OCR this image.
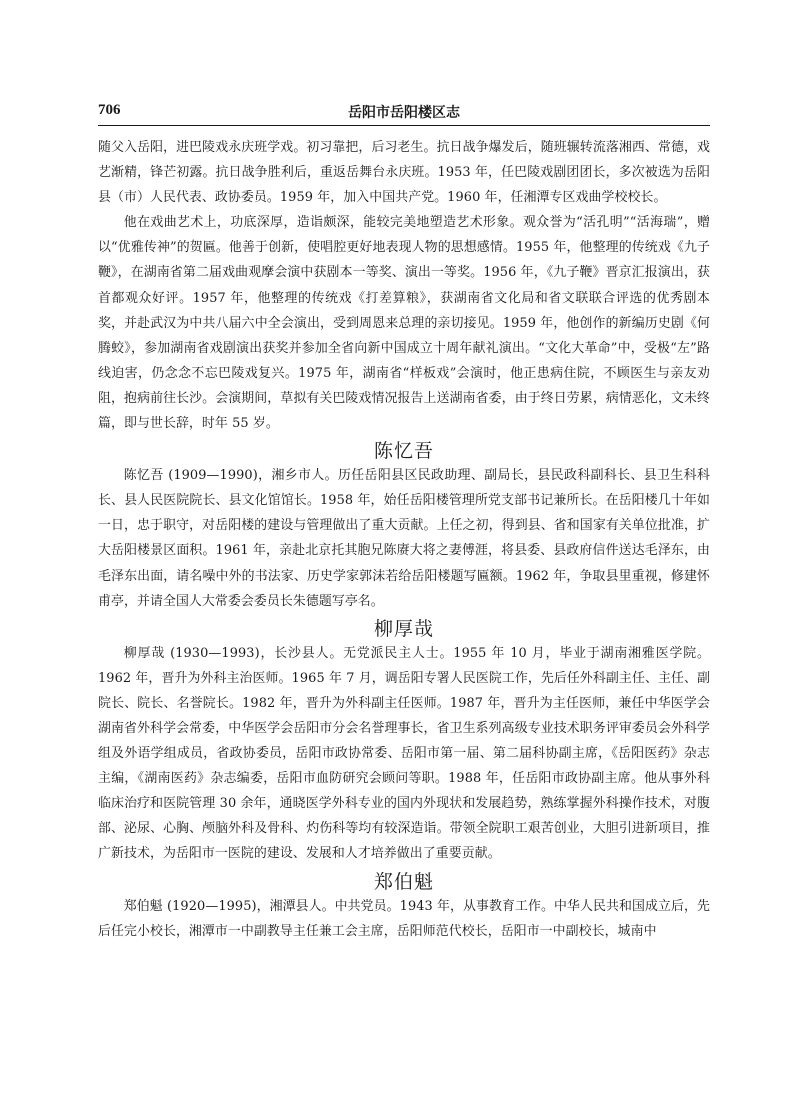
706	岳阳市岳阳楼区志

随父入岳阳，进巴陵戏永庆班学戏。初习靠把，后习老生。抗日战争爆发后，随班辗转流落湘西、常德，戏艺渐精，锋芒初露。抗日战争胜利后，重返岳舞台永庆班。1953 年，任巴陵戏剧团团长，多次被选为岳阳县（市）人民代表、政协委员。1959 年，加入中国共产党。1960 年，任湘潭专区戏曲学校校长。

他在戏曲艺术上，功底深厚，造诣颇深，能较完美地塑造艺术形象。观众誉为“活孔明”“活海瑞”，赠以“优雅传神”的贺匾。他善于创新，使唱腔更好地表现人物的思想感情。1955 年，他整理的传统戏《九子鞭》，在湖南省第二届戏曲观摩会演中获剧本一等奖、演出一等奖。1956 年，《九子鞭》晋京汇报演出，获首都观众好评。1957 年，他整理的传统戏《打差算粮》，获湖南省文化局和省文联联合评选的优秀剧本奖，并赴武汉为中共八届六中全会演出，受到周恩来总理的亲切接见。1959 年，他创作的新编历史剧《何腾蛟》，参加湖南省戏剧演出获奖并参加全省向新中国成立十周年献礼演出。“文化大革命”中，受极“左”路线迫害，仍念念不忘巴陵戏复兴。1975 年，湖南省“样板戏”会演时，他正患病住院，不顾医生与亲友劝阻，抱病前往长沙。会演期间，草拟有关巴陵戏情况报告上送湖南省委，由于终日劳累，病情恶化，文未终篇，即与世长辞，时年 55 岁。

陈忆吾

陈忆吾 (1909—1990)，湘乡市人。历任岳阳县区民政助理、副局长，县民政科副科长、县卫生科科长、县人民医院院长、县文化馆馆长。1958 年，始任岳阳楼管理所党支部书记兼所长。在岳阳楼几十年如一日，忠于职守，对岳阳楼的建设与管理做出了重大贡献。上任之初，得到县、省和国家有关单位批准，扩大岳阳楼景区面积。1961 年，亲赴北京托其胞兄陈赓大将之妻傅涯，将县委、县政府信件送达毛泽东，由毛泽东出面，请名噪中外的书法家、历史学家郭沫若给岳阳楼题写匾额。1962 年，争取县里重视，修建怀甫亭，并请全国人大常委会委员长朱德题写亭名。

柳厚哉

柳厚哉 (1930—1993)，长沙县人。无党派民主人士。1955 年 10 月，毕业于湖南湘雅医学院。1962 年，晋升为外科主治医师。1965 年 7 月，调岳阳专署人民医院工作，先后任外科副主任、主任、副院长、院长、名誉院长。1982 年，晋升为外科副主任医师。1987 年，晋升为主任医师，兼任中华医学会湖南省外科学会常委，中华医学会岳阳市分会名誉理事长，省卫生系列高级专业技术职务评审委员会外科学组及外语学组成员，省政协委员，岳阳市政协常委、岳阳市第一届、第二届科协副主席，《岳阳医药》杂志主编，《湖南医药》杂志编委，岳阳市血防研究会顾问等职。1988 年，任岳阳市政协副主席。他从事外科临床治疗和医院管理 30 余年，通晓医学外科专业的国内外现状和发展趋势，熟练掌握外科操作技术，对腹部、泌尿、心胸、颅脑外科及骨科、灼伤科等均有较深造诣。带领全院职工艰苦创业，大胆引进新项目，推广新技术，为岳阳市一医院的建设、发展和人才培养做出了重要贡献。

郑伯魁

郑伯魁 (1920—1995)，湘潭县人。中共党员。1943 年，从事教育工作。中华人民共和国成立后，先后任完小校长，湘潭市一中副教导主任兼工会主席，岳阳师范代校长，岳阳市一中副校长，城南中
